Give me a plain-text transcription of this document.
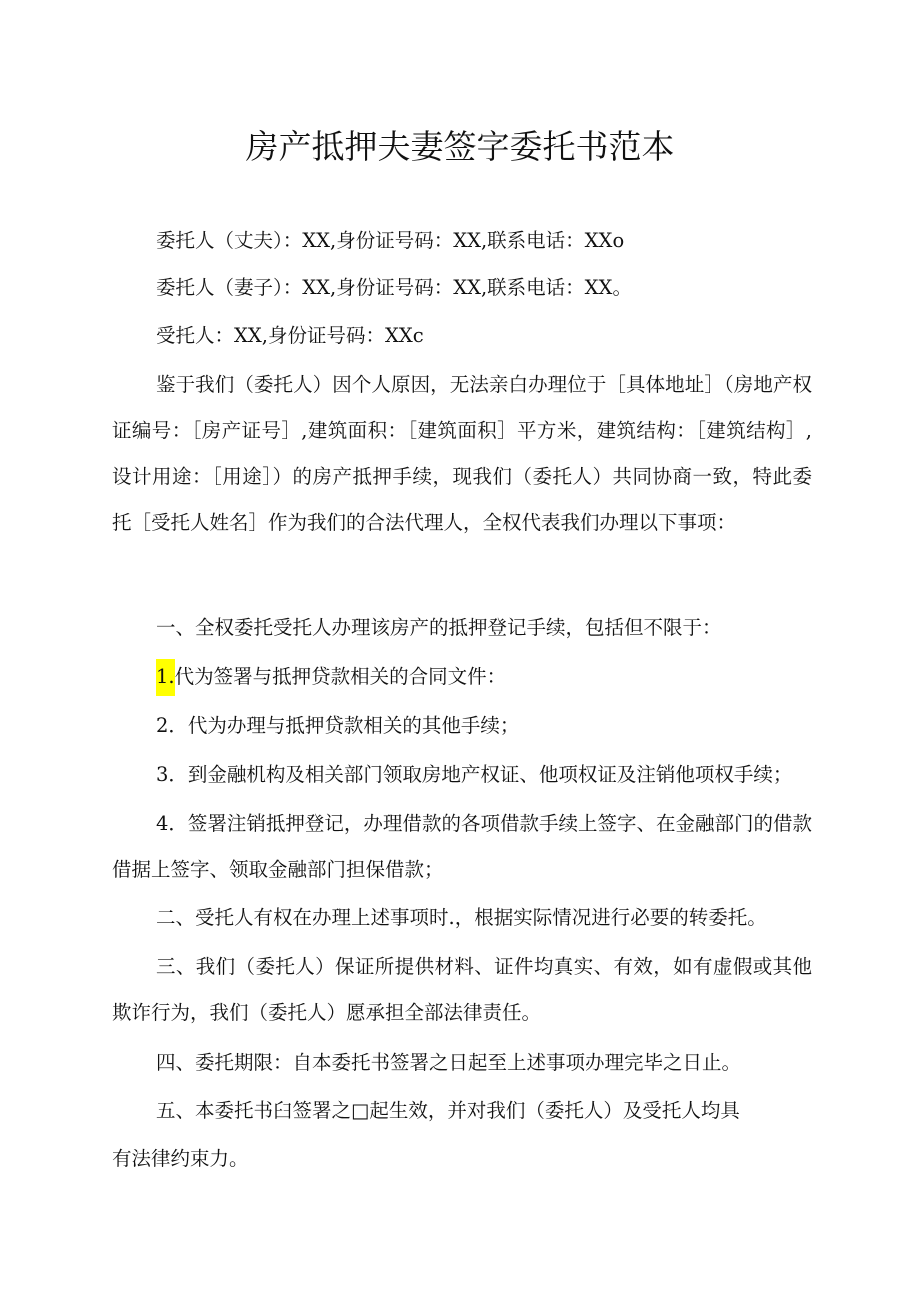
房产抵押夫妻签字委托书范本
委托人（丈夫）：XX,身份证号码：XX,联系电话：XXo
委托人（妻子）：XX,身份证号码：XX,联系电话：XX。
受托人：XX,身份证号码：XXc
鉴于我们（委托人）因个人原因，无法亲白办理位于［具体地址］（房地产权证编号：［房产证号］,建筑面积：［建筑面积］平方米，建筑结构：［建筑结构］,设计用途：［用途］）的房产抵押手续，现我们（委托人）共同协商一致，特此委托［受托人姓名］作为我们的合法代理人，全权代表我们办理以下事项：
一、全权委托受托人办理该房产的抵押登记手续，包括但不限于：
1.代为签署与抵押贷款相关的合同文件：
2．代为办理与抵押贷款相关的其他手续；
3．到金融机构及相关部门领取房地产权证、他项权证及注销他项权手续；
4．签署注销抵押登记，办理借款的各项借款手续上签字、在金融部门的借款借据上签字、领取金融部门担保借款；
二、受托人有权在办理上述事项时.，根据实际情况进行必要的转委托。
三、我们（委托人）保证所提供材料、证件均真实、有效，如有虚假或其他欺诈行为，我们（委托人）愿承担全部法律责任。
四、委托期限：自本委托书签署之日起至上述事项办理完毕之日止。
五、本委托书臼签署之□起生效，并对我们（委托人）及受托人均具
有法律约束力。
